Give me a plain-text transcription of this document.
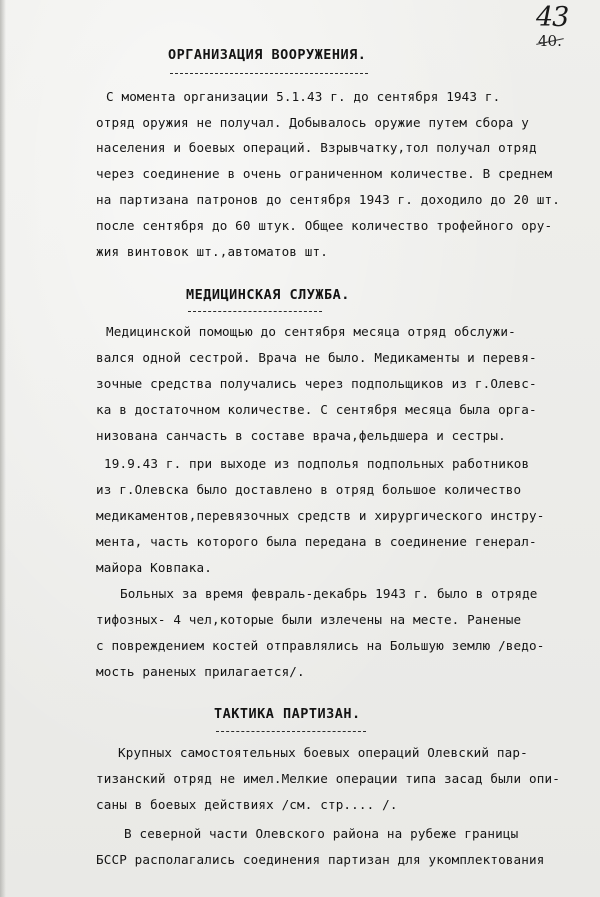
43
40.
ОРГАНИЗАЦИЯ ВООРУЖЕНИЯ.
С момента организации 5.1.43 г. до сентября 1943 г.
отряд оружия не получал. Добывалось оружие путем сбора у
населения и боевых операций. Взрывчатку,тол получал отряд
через соединение в очень ограниченном количестве. В среднем
на партизана патронов до сентября 1943 г. доходило до 20 шт.
после сентября до 60 штук. Общее количество трофейного ору-
жия винтовок шт.,автоматов шт.
МЕДИЦИНСКАЯ СЛУЖБА.
Медицинской помощью до сентября месяца отряд обслужи-
вался одной сестрой. Врача не было. Медикаменты и перевя-
зочные средства получались через подпольщиков из г.Олевс-
ка в достаточном количестве. С сентября месяца была орга-
низована санчасть в составе врача,фельдшера и сестры.
19.9.43 г. при выходе из подполья подпольных работников
из г.Олевска было доставлено в отряд большое количество
медикаментов,перевязочных средств и хирургического инстру-
мента, часть которого была передана в соединение генерал-
майора Ковпака.
Больных за время февраль-декабрь 1943 г. было в отряде
тифозных- 4 чел,которые были излечены на месте. Раненые
с повреждением костей отправлялись на Большую землю /ведо-
мость раненых прилагается/.
ТАКТИКА ПАРТИЗАН.
Крупных самостоятельных боевых операций Олевский пар-
тизанский отряд не имел.Мелкие операции типа засад были опи-
саны в боевых действиях /см. стр.... /.
В северной части Олевского района на рубеже границы
БССР располагались соединения партизан для укомплектования
